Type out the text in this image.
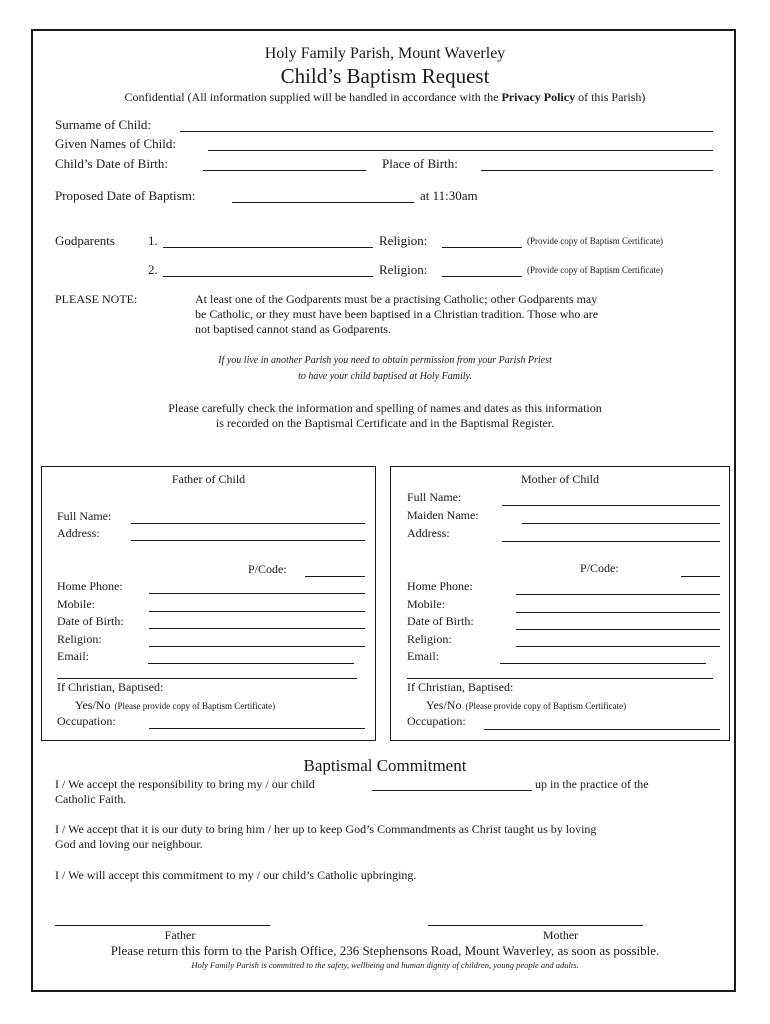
Holy Family Parish, Mount Waverley
Child’s Baptism Request
Confidential (All information supplied will be handled in accordance with the Privacy Policy of this Parish)
Surname of Child:
Given Names of Child:
Child’s Date of Birth:	Place of Birth:
Proposed Date of Baptism:	at 11:30am
Godparents	1.	Religion:	(Provide copy of Baptism Certificate)
2.	Religion:	(Provide copy of Baptism Certificate)
PLEASE NOTE:	At least one of the Godparents must be a practising Catholic; other Godparents may
be Catholic, or they must have been baptised in a Christian tradition. Those who are
not baptised cannot stand as Godparents.
If you live in another Parish you need to obtain permission from your Parish Priest
to have your child baptised at Holy Family.
Please carefully check the information and spelling of names and dates as this information
is recorded on the Baptismal Certificate and in the Baptismal Register.
Father of Child
Full Name:
Address:
P/Code:
Home Phone:
Mobile:
Date of Birth:
Religion:
Email:
If Christian, Baptised:
Yes/No (Please provide copy of Baptism Certificate)
Occupation:
Mother of Child
Full Name:
Maiden Name:
Address:
P/Code:
Home Phone:
Mobile:
Date of Birth:
Religion:
Email:
If Christian, Baptised:
Yes/No (Please provide copy of Baptism Certificate)
Occupation:
Baptismal Commitment
I / We accept the responsibility to bring my / our child	up in the practice of the
Catholic Faith.
I / We accept that it is our duty to bring him / her up to keep God’s Commandments as Christ taught us by loving
God and loving our neighbour.
I / We will accept this commitment to my / our child’s Catholic upbringing.
Father	Mother
Please return this form to the Parish Office, 236 Stephensons Road, Mount Waverley, as soon as possible.
Holy Family Parish is committed to the safety, wellbeing and human dignity of children, young people and adults.
